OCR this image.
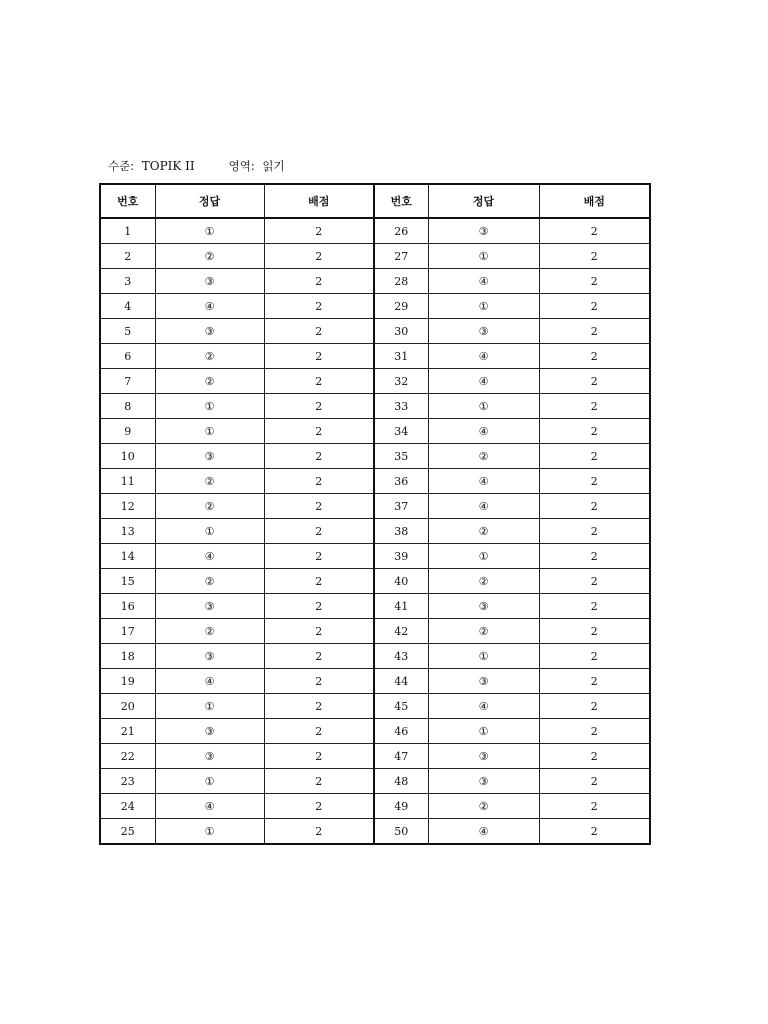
수준: TOPIK II	영역: 읽기
번호	정답	배점	번호	정답	배점
1	①	2	26	③	2
2	②	2	27	①	2
3	③	2	28	④	2
4	④	2	29	①	2
5	③	2	30	③	2
6	②	2	31	④	2
7	②	2	32	④	2
8	①	2	33	①	2
9	①	2	34	④	2
10	③	2	35	②	2
11	②	2	36	④	2
12	②	2	37	④	2
13	①	2	38	②	2
14	④	2	39	①	2
15	②	2	40	②	2
16	③	2	41	③	2
17	②	2	42	②	2
18	③	2	43	①	2
19	④	2	44	③	2
20	①	2	45	④	2
21	③	2	46	①	2
22	③	2	47	③	2
23	①	2	48	③	2
24	④	2	49	②	2
25	①	2	50	④	2
